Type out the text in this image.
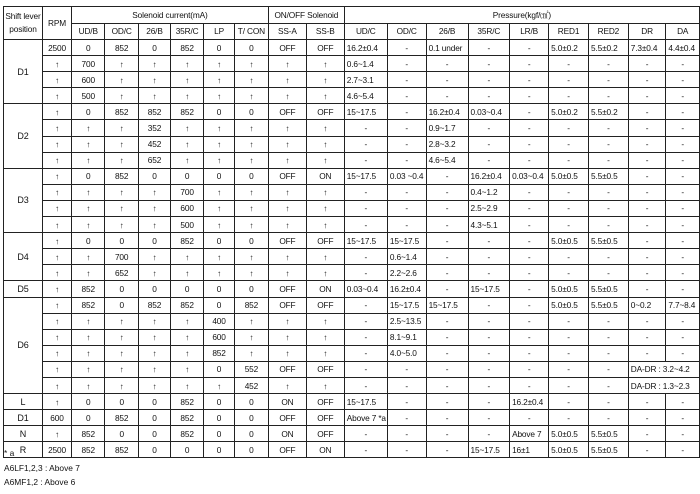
Shift lever position	RPM	Solenoid current(mA)						ON/OFF Solenoid		Pressure(kgf/㎠)								
		UD/B	OD/C	26/B	35R/C	LP	T/ CON	SS-A	SS-B	UD/C	OD/C	26/B	35R/C	LR/B	RED1	RED2	DR	DA
D1	2500	0	852	0	852	0	0	OFF	OFF	16.2±0.4	-	0.1 under	-	-	5.0±0.2	5.5±0.2	7.3±0.4	4.4±0.4
	↑	700	↑	↑	↑	↑	↑	↑	↑	0.6~1.4	-	-	-	-	-	-	-	-
	↑	600	↑	↑	↑	↑	↑	↑	↑	2.7~3.1	-	-	-	-	-	-	-	-
	↑	500	↑	↑	↑	↑	↑	↑	↑	4.6~5.4	-	-	-	-	-	-	-	-
D2	↑	0	852	852	852	0	0	OFF	OFF	15~17.5	-	16.2±0.4	0.03~0.4	-	5.0±0.2	5.5±0.2	-	-
	↑	↑	↑	352	↑	↑	↑	↑	↑	-	-	0.9~1.7	-	-	-	-	-	-
	↑	↑	↑	452	↑	↑	↑	↑	↑	-	-	2.8~3.2	-	-	-	-	-	-
	↑	↑	↑	652	↑	↑	↑	↑	↑	-	-	4.6~5.4	-	-	-	-	-	-
D3	↑	0	852	0	0	0	0	OFF	ON	15~17.5	0.03 ~0.4	-	16.2±0.4	0.03~0.4	5.0±0.5	5.5±0.5	-	-
	↑	↑	↑	↑	700	↑	↑	↑	↑	-	-	-	0.4~1.2	-	-	-	-	-
	↑	↑	↑	↑	600	↑	↑	↑	↑	-	-	-	2.5~2.9	-	-	-	-	-
	↑	↑	↑	↑	500	↑	↑	↑	↑	-	-	-	4.3~5.1	-	-	-	-	-
D4	↑	0	0	0	852	0	0	OFF	OFF	15~17.5	15~17.5	-	-	-	5.0±0.5	5.5±0.5	-	-
	↑	↑	700	↑	↑	↑	↑	↑	↑	-	0.6~1.4	-	-	-	-	-	-	-
	↑	↑	652	↑	↑	↑	↑	↑	↑	-	2.2~2.6	-	-	-	-	-	-	-
D5	↑	852	0	0	0	0	0	OFF	ON	0.03~0.4	16.2±0.4	-	15~17.5	-	5.0±0.5	5.5±0.5	-	-
D6	↑	852	0	852	852	0	852	OFF	OFF	-	15~17.5	15~17.5	-	-	5.0±0.5	5.5±0.5	0~0.2	7.7~8.4
	↑	↑	↑	↑	↑	400	↑	↑	↑	-	2.5~13.5	-	-	-	-	-	-	-
	↑	↑	↑	↑	↑	600	↑	↑	↑	-	8.1~9.1	-	-	-	-	-	-	-
	↑	↑	↑	↑	↑	852	↑	↑	↑	-	4.0~5.0	-	-	-	-	-	-	-
	↑	↑	↑	↑	↑	0	552	OFF	OFF	-	-	-	-	-	-	-	DA-DR : 3.2~4.2	
	↑	↑	↑	↑	↑	↑	452	↑	↑	-	-	-	-	-	-	-	DA-DR : 1.3~2.3	
L	↑	0	0	0	852	0	0	ON	OFF	15~17.5	-	-	-	16.2±0.4	-	-	-	-
D1	600	0	852	0	852	0	0	OFF	OFF	Above 7 *a	-	-	-	-	-	-	-	-
N	↑	852	0	0	852	0	0	ON	OFF	-	-	-	-	Above 7	5.0±0.5	5.5±0.5	-	-
R	2500	852	852	0	0	0	0	OFF	ON	-	-	-	15~17.5	16±1	5.0±0.5	5.5±0.5	-	-
* a
A6LF1,2,3 : Above 7
A6MF1,2 : Above 6
